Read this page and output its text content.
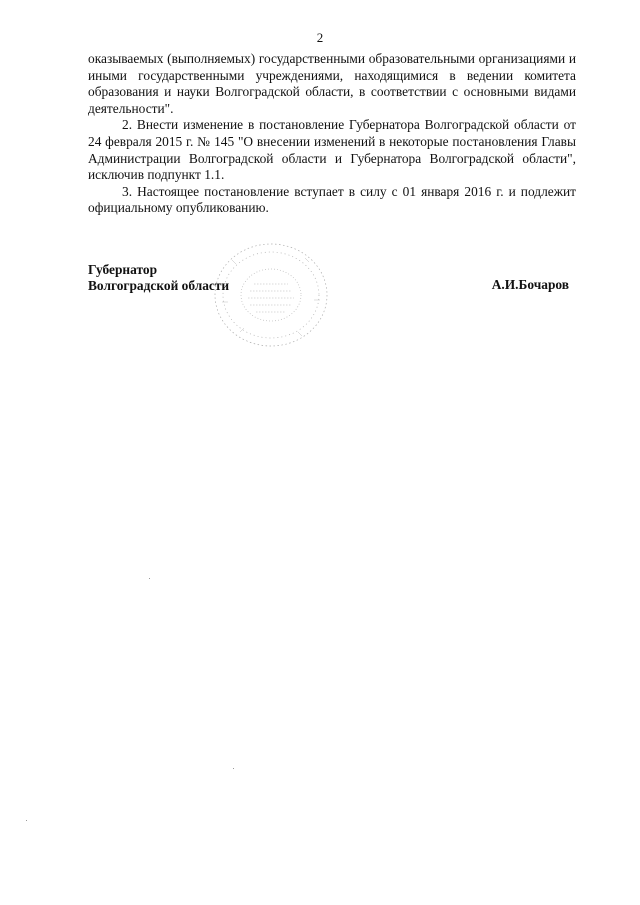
2

оказываемых (выполняемых) государственными образовательными организациями и иными государственными учреждениями, находящимися в ведении комитета образования и науки Волгоградской области, в соответствии с основными видами деятельности".

2. Внести изменение в постановление Губернатора Волгоградской области от 24 февраля 2015 г. № 145 "О внесении изменений в некоторые постановления Главы Администрации Волгоградской области и Губернатора Волгоградской области", исключив подпункт 1.1.

3. Настоящее постановление вступает в силу с 01 января 2016 г. и подлежит официальному опубликованию.

Губернатор
Волгоградской области	А.И.Бочаров
